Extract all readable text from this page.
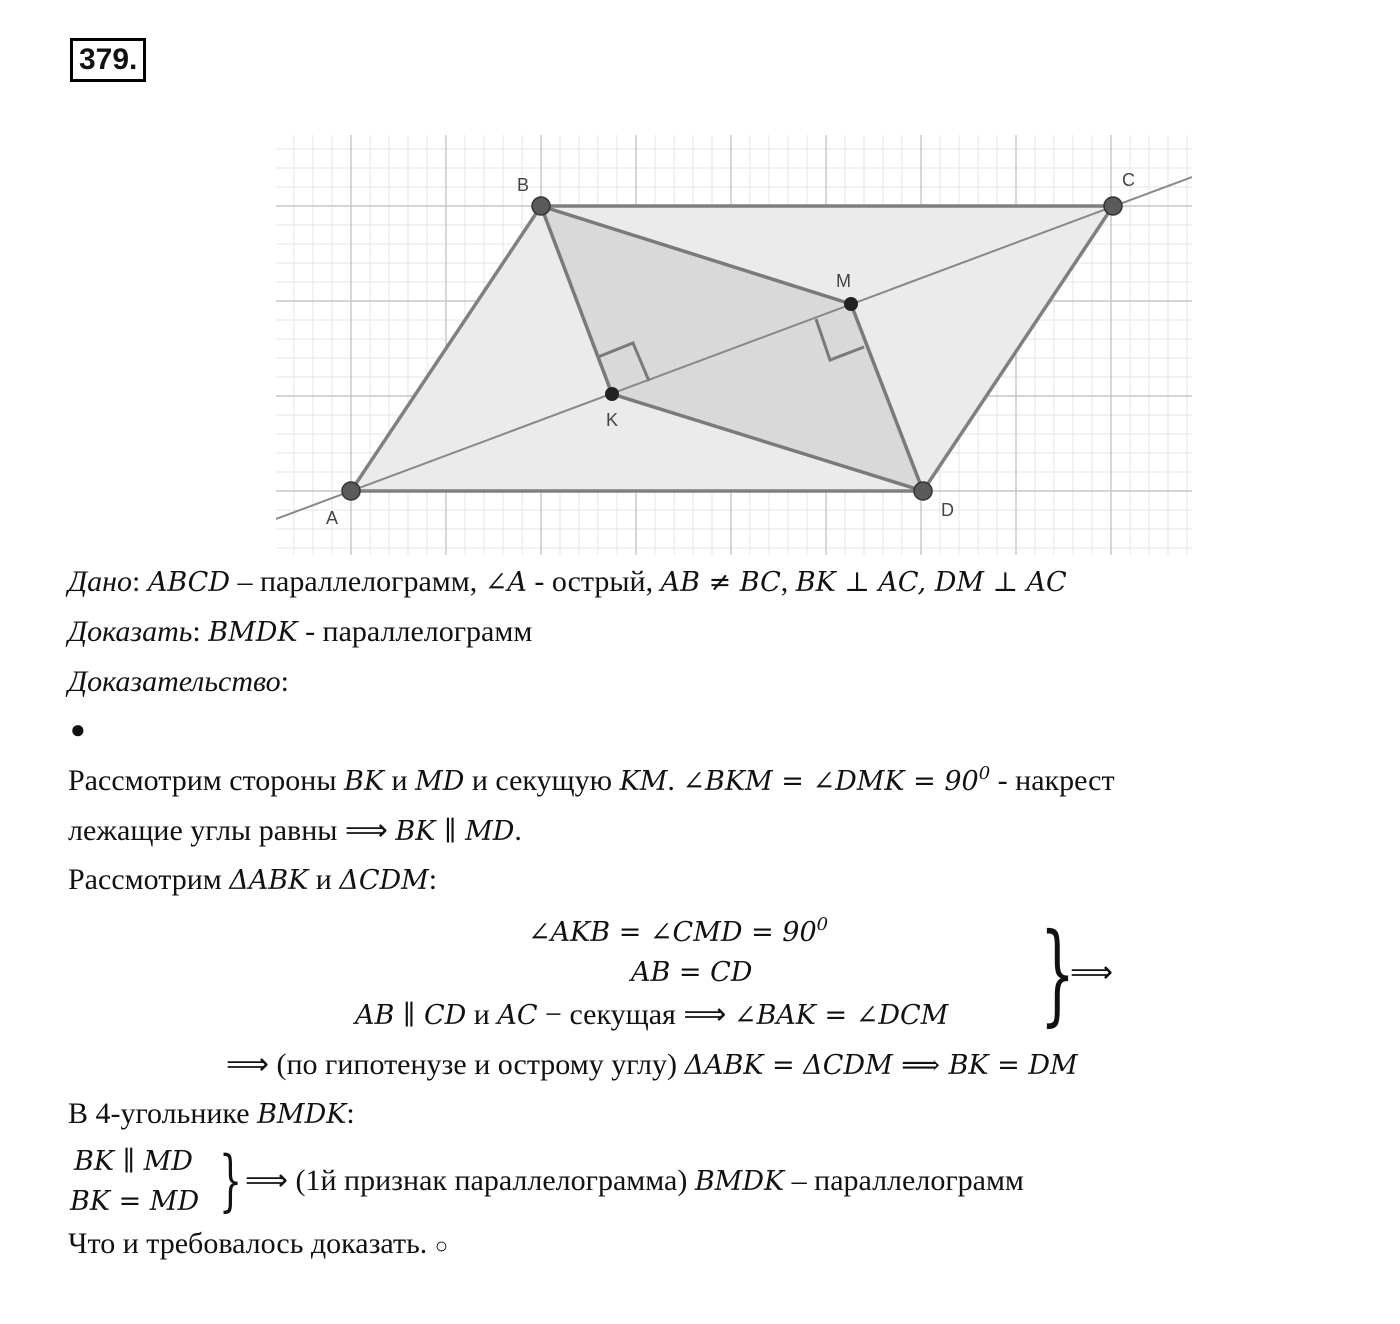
379.
A
B	C
D
K
M
Дано: ABCD – параллелограмм, ∠A - острый, AB ≠ BC, BK ⊥ AC, DM ⊥ AC
Доказать: BMDK - параллелограмм
Доказательство:
●
Рассмотрим стороны BK и MD и секущую KM. ∠BKM = ∠DMK = $90^0$ - накрест
лежащие углы равны ⟹ BK ∥ MD.
Рассмотрим ΔABK и ΔCDM:
∠AKB = ∠CMD = $90^0$
AB = CD
AB ∥ CD и AC − секущая ⟹ ∠BAK = ∠DCM }
⟹
⟹ (по гипотенузе и острому углу) ΔABK = ΔCDM ⟹ BK = DM
В 4-угольнике BMDK:
BK ∥ MD
BK = MD } ⟹ (1й признак параллелограмма) BMDK – параллелограмм
Что и требовалось доказать. ○
